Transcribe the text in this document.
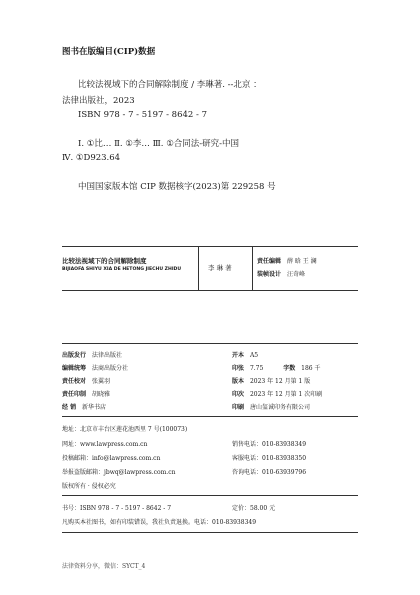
图书在版编目(CIP)数据
比较法视域下的合同解除制度 / 李琳著. --北京 ：
法律出版社，2023
ISBN 978 - 7 - 5197 - 8642 - 7
Ⅰ. ①比… Ⅱ. ①李… Ⅲ. ①合同法-研究-中国
Ⅳ. ①D923.64
中国国家版本馆 CIP 数据核字(2023)第 229258 号
比较法视域下的合同解除制度
BIJIAOFA SHIYU XIA DE HETONG JIECHU ZHIDU	李 琳 著
责任编辑 薛 晗 王 澜
装帧设计 汪奇峰
出版发行 法律出版社
编辑统筹 法商出版分社
责任校对 张翼羽
责任印制 胡晓雅
经 销 新华书店
开本 A5
印张 7.75	字数 186 千
版本 2023 年 12 月第 1 版
印次 2023 年 12 月第 1 次印刷
印刷 唐山玺诚印务有限公司
地址：北京市丰台区莲花池西里 7 号(100073)
网址：www.lawpress.com.cn
投稿邮箱：info@lawpress.com.cn
举报盗版邮箱：jbwq@lawpress.com.cn
版权所有 · 侵权必究
销售电话：010-83938349
客服电话：010-83938350
咨询电话：010-63939796
书号：ISBN 978 - 7 - 5197 - 8642 - 7	定价：58.00 元
凡购买本社图书，如有印装错误，我社负责退换。电话：010-83938349
法律资料分享，微信：SYCT_4
